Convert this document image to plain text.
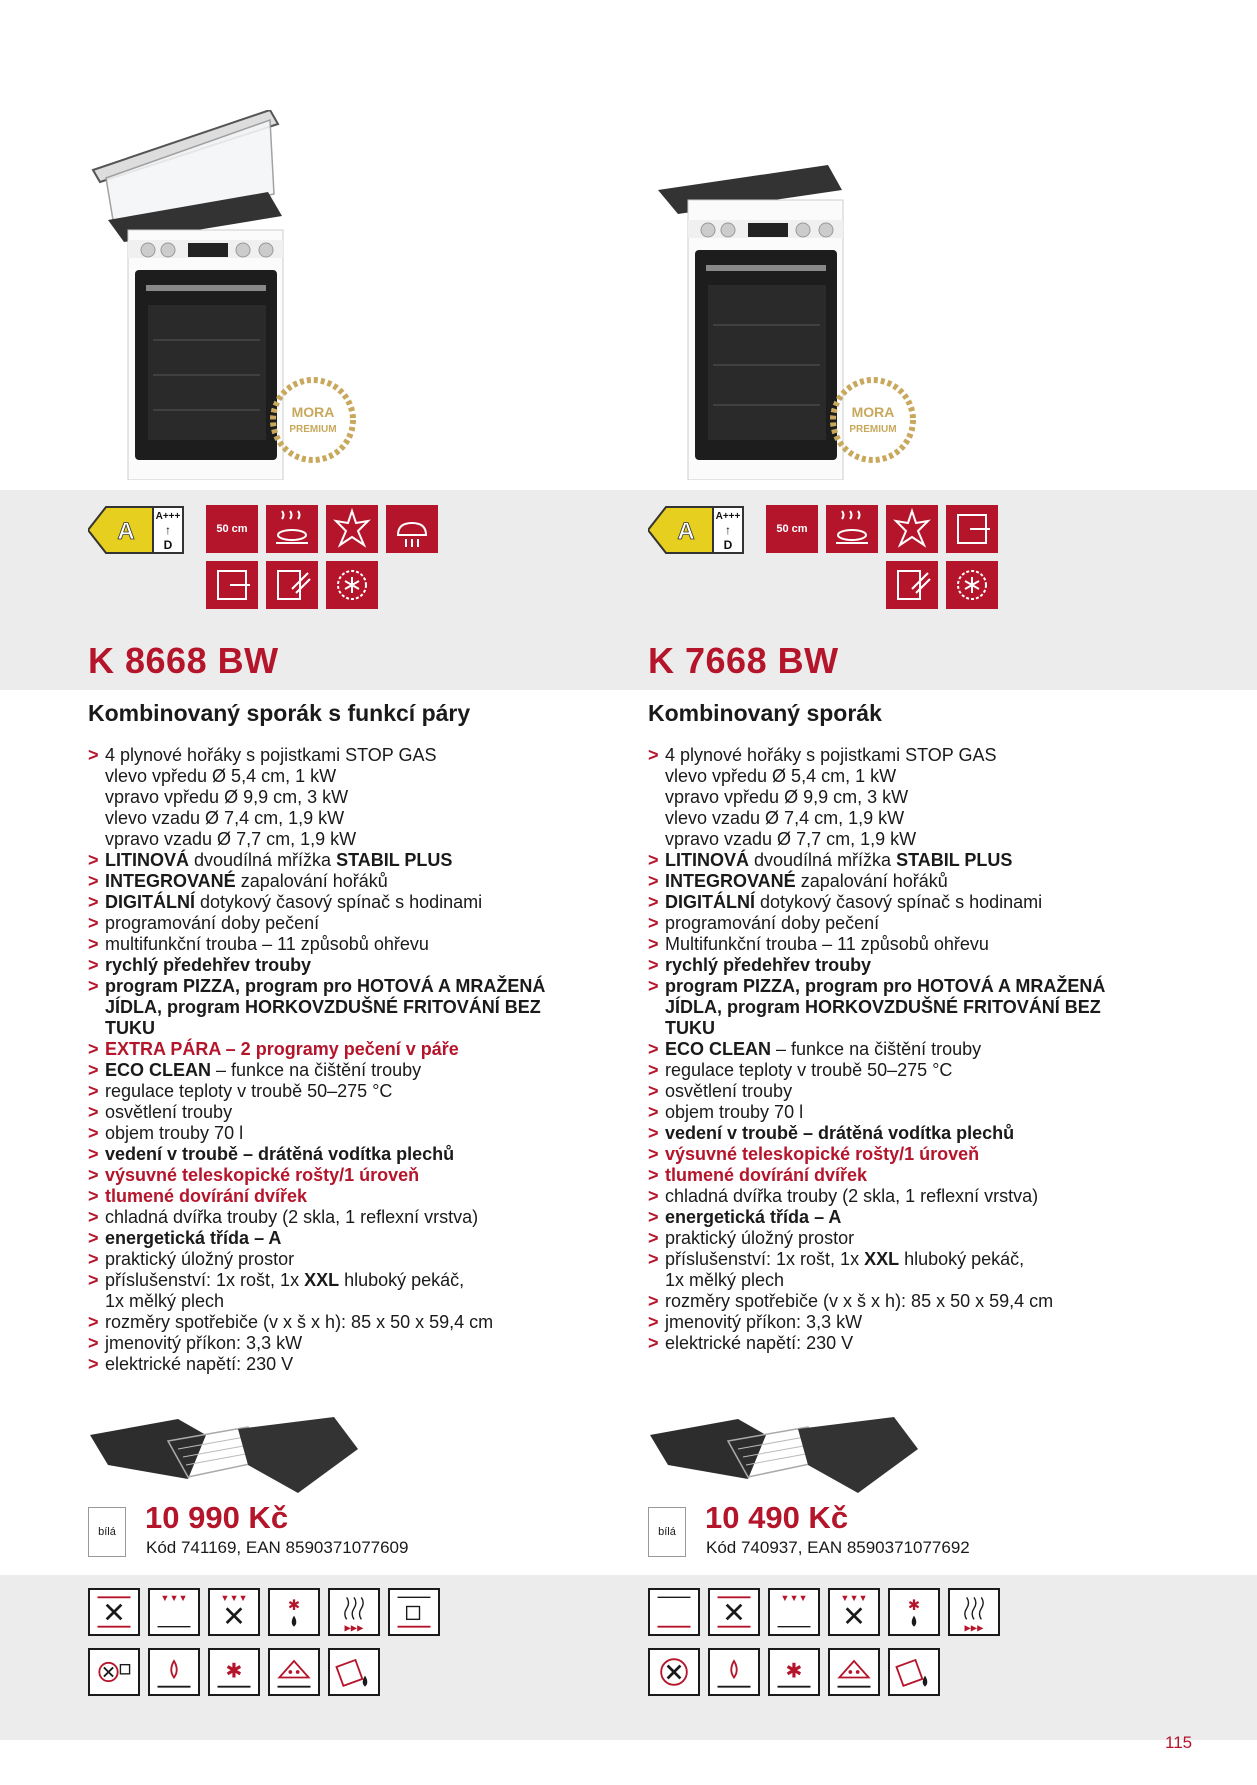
MORA
PREMIUM
A
A+++
↑
D
50 cm
K 8668 BW
Kombinovaný sporák s funkcí páry
> 4 plynové hořáky s pojistkami STOP GAS
vlevo vpředu Ø 5,4 cm, 1 kW
vpravo vpředu Ø 9,9 cm, 3 kW
vlevo vzadu Ø 7,4 cm, 1,9 kW
vpravo vzadu Ø 7,7 cm, 1,9 kW
> LITINOVÁ dvoudílná mřížka STABIL PLUS
> INTEGROVANÉ zapalování hořáků
> DIGITÁLNÍ dotykový časový spínač s hodinami
> programování doby pečení
> multifunkční trouba – 11 způsobů ohřevu
> rychlý předehřev trouby
> program PIZZA, program pro HOTOVÁ A MRAŽENÁ
JÍDLA, program HORKOVZDUŠNÉ FRITOVÁNÍ BEZ
TUKU
> EXTRA PÁRA – 2 programy pečení v páře
> ECO CLEAN – funkce na čištění trouby
> regulace teploty v troubě 50–275 °C
> osvětlení trouby
> objem trouby 70 l
> vedení v troubě – drátěná vodítka plechů
> výsuvné teleskopické rošty/1 úroveň
> tlumené dovírání dvířek
> chladná dvířka trouby (2 skla, 1 reflexní vrstva)
> energetická třída – A
> praktický úložný prostor
> příslušenství: 1x rošt, 1x XXL hluboký pekáč,
1x mělký plech
> rozměry spotřebiče (v x š x h): 85 x 50 x 59,4 cm
> jmenovitý příkon: 3,3 kW
> elektrické napětí: 230 V
bílá 10 990 Kč
Kód 741169, EAN 8590371077609
▼▼▼	▼▼▼
✱
▶▶▶
✱
MORA
PREMIUM
A
A+++
↑
D
50 cm
K 7668 BW
Kombinovaný sporák
> 4 plynové hořáky s pojistkami STOP GAS
vlevo vpředu Ø 5,4 cm, 1 kW
vpravo vpředu Ø 9,9 cm, 3 kW
vlevo vzadu Ø 7,4 cm, 1,9 kW
vpravo vzadu Ø 7,7 cm, 1,9 kW
> LITINOVÁ dvoudílná mřížka STABIL PLUS
> INTEGROVANÉ zapalování hořáků
> DIGITÁLNÍ dotykový časový spínač s hodinami
> programování doby pečení
> Multifunkční trouba – 11 způsobů ohřevu
> rychlý předehřev trouby
> program PIZZA, program pro HOTOVÁ A MRAŽENÁ
JÍDLA, program HORKOVZDUŠNÉ FRITOVÁNÍ BEZ
TUKU
> ECO CLEAN – funkce na čištění trouby
> regulace teploty v troubě 50–275 °C
> osvětlení trouby
> objem trouby 70 l
> vedení v troubě – drátěná vodítka plechů
> výsuvné teleskopické rošty/1 úroveň
> tlumené dovírání dvířek
> chladná dvířka trouby (2 skla, 1 reflexní vrstva)
> energetická třída – A
> praktický úložný prostor
> příslušenství: 1x rošt, 1x XXL hluboký pekáč,
1x mělký plech
> rozměry spotřebiče (v x š x h): 85 x 50 x 59,4 cm
> jmenovitý příkon: 3,3 kW
> elektrické napětí: 230 V
bílá 10 490 Kč
Kód 740937, EAN 8590371077692
▼▼▼	▼▼▼
✱
▶▶▶
✱
115
